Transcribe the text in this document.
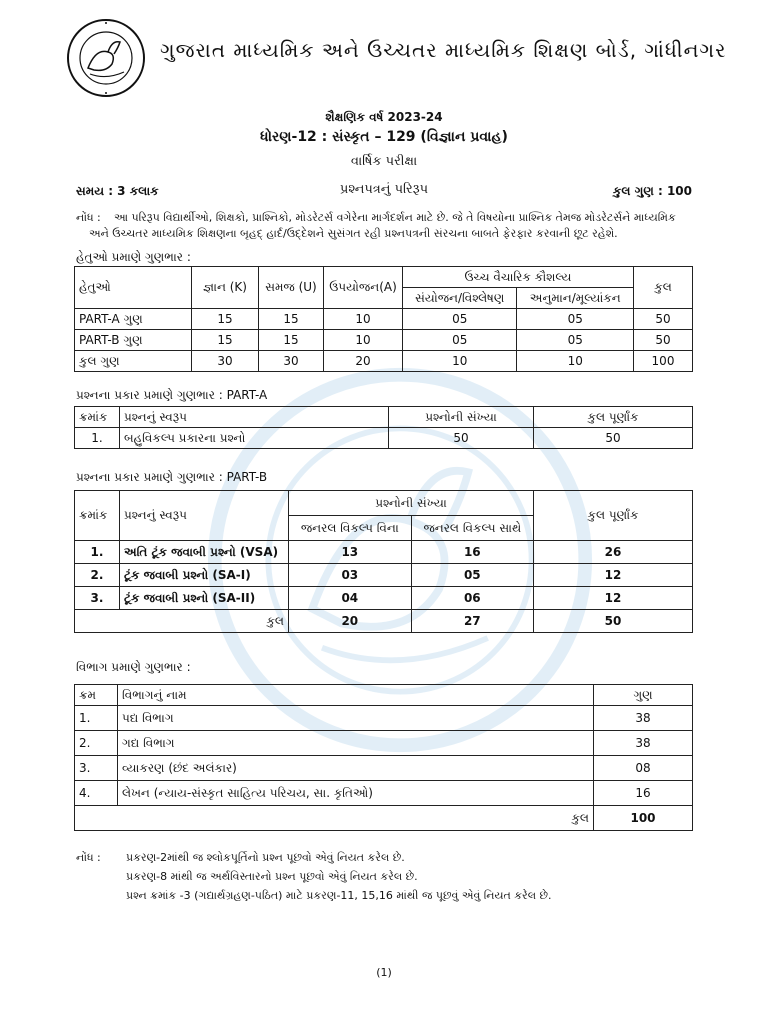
ગુજરાત માધ્યમિક અને ઉચ્ચતર માધ્યમિક શિક્ષણ બોર્ડ, ગાંધીનગર
શૈક્ષણિક વર્ષ 2023-24
ધોરણ-12 : સંસ્કૃત – 129 (વિજ્ઞાન પ્રવાહ)
વાર્ષિક પરીક્ષા
સમય : 3 કલાક	પ્રશ્નપત્રનું પરિરૂપ	કુલ ગુણ : 100
નોંધ :	આ પરિરૂપ વિદ્યાર્થીઓ, શિક્ષકો, પ્રાશ્નિકો, મોડરેટર્સ વગેરેના માર્ગદર્શન માટે છે. જે તે વિષયોના પ્રાશ્નિક તેમજ મોડરેટર્સને માધ્યમિક
અને ઉચ્ચતર માધ્યમિક શિક્ષણના બૃહદ્ હાર્દ/ઉદ્દેશને સુસંગત રહી પ્રશ્નપત્રની સંરચના બાબતે ફેરફાર કરવાની છૂટ રહેશે.
હેતુઓ પ્રમાણે ગુણભાર :
હેતુઓ	જ્ઞાન (K)	સમજ (U)	ઉપયોજન(A)	ઉચ્ચ વૈચારિક કૌશલ્ય		કુલ
				સંયોજન/વિશ્લેષણ	અનુમાન/મૂલ્યાંકન	
PART-A ગુણ	15	15	10	05	05	50
PART-B ગુણ	15	15	10	05	05	50
કુલ ગુણ	30	30	20	10	10	100
પ્રશ્નના પ્રકાર પ્રમાણે ગુણભાર : PART-A
ક્રમાંક	પ્રશ્નનું સ્વરૂપ	પ્રશ્નોની સંખ્યા	કુલ પૂર્ણાંક
1.	બહુવિકલ્પ પ્રકારના પ્રશ્નો	50	50
પ્રશ્નના પ્રકાર પ્રમાણે ગુણભાર : PART-B
ક્રમાંક	પ્રશ્નનું સ્વરૂપ	પ્રશ્નોની સંખ્યા		કુલ પૂર્ણાંક
		જનરલ વિકલ્પ વિના	જનરલ વિકલ્પ સાથે	
1.	અતિ ટૂંક જવાબી પ્રશ્નો (VSA)	13	16	26
2.	ટૂંક જવાબી પ્રશ્નો (SA-I)	03	05	12
3.	ટૂંક જવાબી પ્રશ્નો (SA-II)	04	06	12
કુલ		20	27	50
વિભાગ પ્રમાણે ગુણભાર :
ક્રમ	વિભાગનું નામ	ગુણ
1.	પદ્ય વિભાગ	38
2.	ગદ્ય વિભાગ	38
3.	વ્યાકરણ (છંદ અલંકાર)	08
4.	લેખન (ન્યાય-સંસ્કૃત સાહિત્ય પરિચય, સા. કૃતિઓ)	16
કુલ		100
નોંધ :	પ્રકરણ-2માંથી જ શ્લોકપૂર્તિનો પ્રશ્ન પૂછવો એવું નિયત કરેલ છે.
પ્રકરણ-8 માંથી જ અર્થવિસ્તારનો પ્રશ્ન પૂછવો એવું નિયત કરેલ છે.
પ્રશ્ન ક્રમાંક -3 (ગદ્યાર્થગ્રહણ-પઠિત) માટે પ્રકરણ-11, 15,16 માંથી જ પૂછવું એવું નિયત કરેલ છે.
(1)
